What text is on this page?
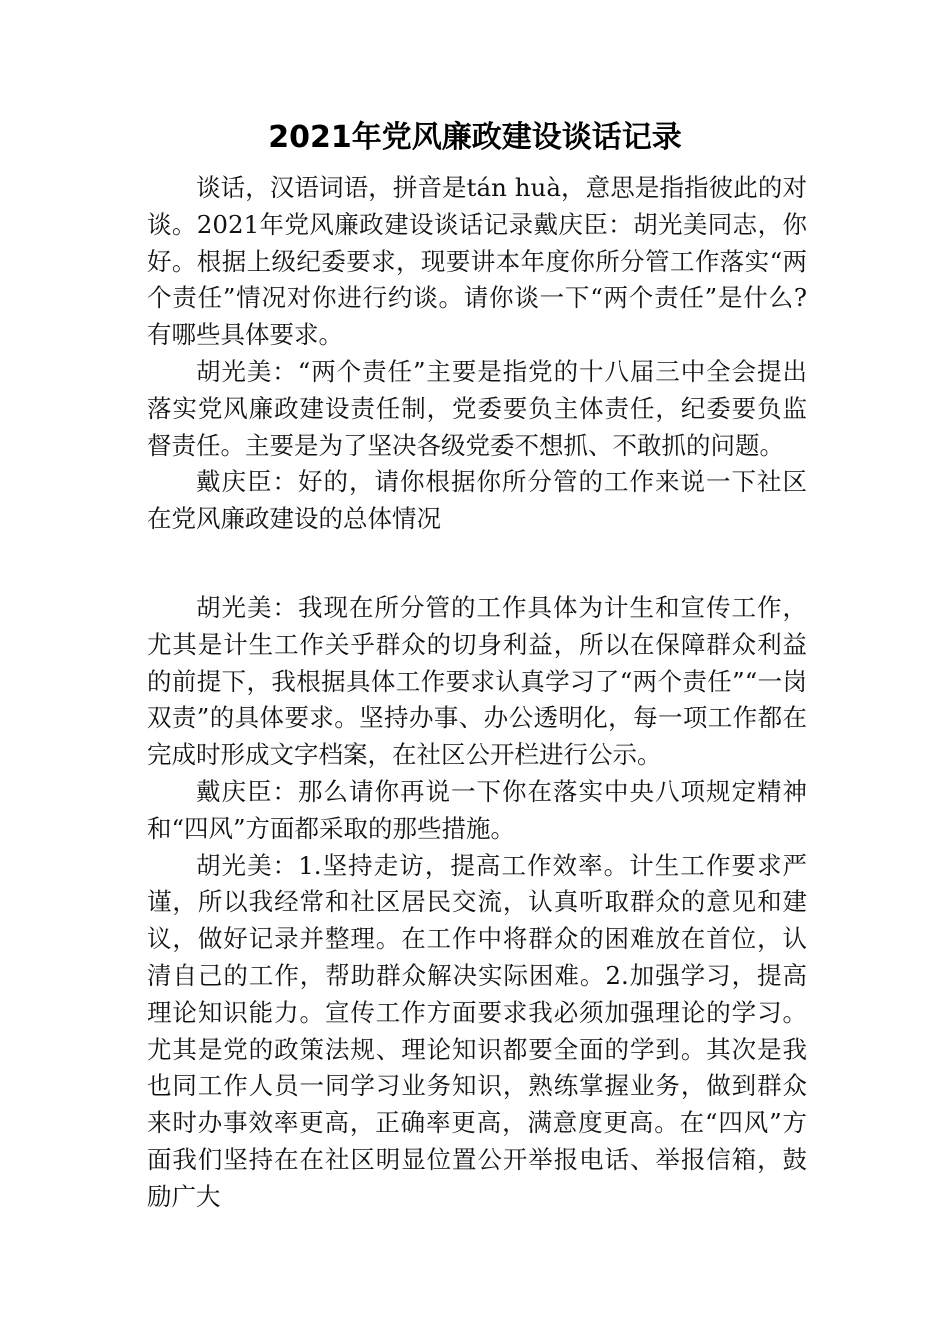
2021年党风廉政建设谈话记录

谈话，汉语词语，拼音是tán huà，意思是指指彼此的对谈。2021年党风廉政建设谈话记录戴庆臣：胡光美同志，你好。根据上级纪委要求，现要讲本年度你所分管工作落实“两个责任”情况对你进行约谈。请你谈一下“两个责任”是什么?有哪些具体要求。

胡光美：“两个责任”主要是指党的十八届三中全会提出落实党风廉政建设责任制，党委要负主体责任，纪委要负监督责任。主要是为了坚决各级党委不想抓、不敢抓的问题。

戴庆臣：好的，请你根据你所分管的工作来说一下社区在党风廉政建设的总体情况

胡光美：我现在所分管的工作具体为计生和宣传工作，尤其是计生工作关乎群众的切身利益，所以在保障群众利益的前提下，我根据具体工作要求认真学习了“两个责任”“一岗双责”的具体要求。坚持办事、办公透明化，每一项工作都在完成时形成文字档案，在社区公开栏进行公示。

戴庆臣：那么请你再说一下你在落实中央八项规定精神和“四风”方面都采取的那些措施。

胡光美：1.坚持走访，提高工作效率。计生工作要求严谨，所以我经常和社区居民交流，认真听取群众的意见和建议，做好记录并整理。在工作中将群众的困难放在首位，认清自己的工作，帮助群众解决实际困难。2.加强学习，提高理论知识能力。宣传工作方面要求我必须加强理论的学习。尤其是党的政策法规、理论知识都要全面的学到。其次是我也同工作人员一同学习业务知识，熟练掌握业务，做到群众来时办事效率更高，正确率更高，满意度更高。在“四风”方面我们坚持在在社区明显位置公开举报电话、举报信箱，鼓励广大
